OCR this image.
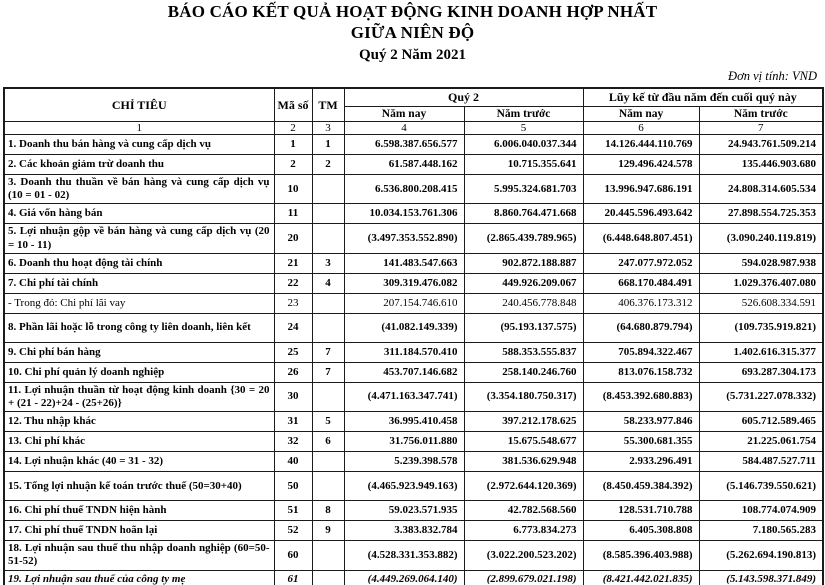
BÁO CÁO KẾT QUẢ HOẠT ĐỘNG KINH DOANH HỢP NHẤT
GIỮA NIÊN ĐỘ
Quý 2 Năm 2021
Đơn vị tính: VND
CHỈ TIÊU	Mã số	TM	Quý 2		Lũy kế từ đầu năm đến cuối quý này	
			Năm nay	Năm trước	Năm nay	Năm trước
1	2	3	4	5	6	7
1. Doanh thu bán hàng và cung cấp dịch vụ	1	1	6.598.387.656.577	6.006.040.037.344	14.126.444.110.769	24.943.761.509.214
2. Các khoản giảm trừ doanh thu	2	2	61.587.448.162	10.715.355.641	129.496.424.578	135.446.903.680
3. Doanh thu thuần về bán hàng và cung cấp dịch vụ (10 = 01 - 02)	10		6.536.800.208.415	5.995.324.681.703	13.996.947.686.191	24.808.314.605.534
4. Giá vốn hàng bán	11		10.034.153.761.306	8.860.764.471.668	20.445.596.493.642	27.898.554.725.353
5. Lợi nhuận gộp về bán hàng và cung cấp dịch vụ (20 = 10 - 11)	20		(3.497.353.552.890)	(2.865.439.789.965)	(6.448.648.807.451)	(3.090.240.119.819)
6. Doanh thu hoạt động tài chính	21	3	141.483.547.663	902.872.188.887	247.077.972.052	594.028.987.938
7. Chi phí tài chính	22	4	309.319.476.082	449.926.209.067	668.170.484.491	1.029.376.407.080
- Trong đó: Chi phí lãi vay	23		207.154.746.610	240.456.778.848	406.376.173.312	526.608.334.591
8. Phần lãi hoặc lỗ trong công ty liên doanh, liên kết	24		(41.082.149.339)	(95.193.137.575)	(64.680.879.794)	(109.735.919.821)
9. Chi phí bán hàng	25	7	311.184.570.410	588.353.555.837	705.894.322.467	1.402.616.315.377
10. Chi phí quản lý doanh nghiệp	26	7	453.707.146.682	258.140.246.760	813.076.158.732	693.287.304.173
11. Lợi nhuận thuần từ hoạt động kinh doanh {30 = 20 + (21 - 22)+24 - (25+26)}	30		(4.471.163.347.741)	(3.354.180.750.317)	(8.453.392.680.883)	(5.731.227.078.332)
12. Thu nhập khác	31	5	36.995.410.458	397.212.178.625	58.233.977.846	605.712.589.465
13. Chi phí khác	32	6	31.756.011.880	15.675.548.677	55.300.681.355	21.225.061.754
14. Lợi nhuận khác (40 = 31 - 32)	40		5.239.398.578	381.536.629.948	2.933.296.491	584.487.527.711
15. Tổng lợi nhuận kế toán trước thuế (50=30+40)	50		(4.465.923.949.163)	(2.972.644.120.369)	(8.450.459.384.392)	(5.146.739.550.621)
16. Chi phí thuế TNDN hiện hành	51	8	59.023.571.935	42.782.568.560	128.531.710.788	108.774.074.909
17. Chi phí thuế TNDN hoãn lại	52	9	3.383.832.784	6.773.834.273	6.405.308.808	7.180.565.283
18. Lợi nhuận sau thuế thu nhập doanh nghiệp (60=50-51-52)	60		(4.528.331.353.882)	(3.022.200.523.202)	(8.585.396.403.988)	(5.262.694.190.813)
19. Lợi nhuận sau thuế của công ty mẹ	61		(4.449.269.064.140)	(2.899.679.021.198)	(8.421.442.021.835)	(5.143.598.371.849)
